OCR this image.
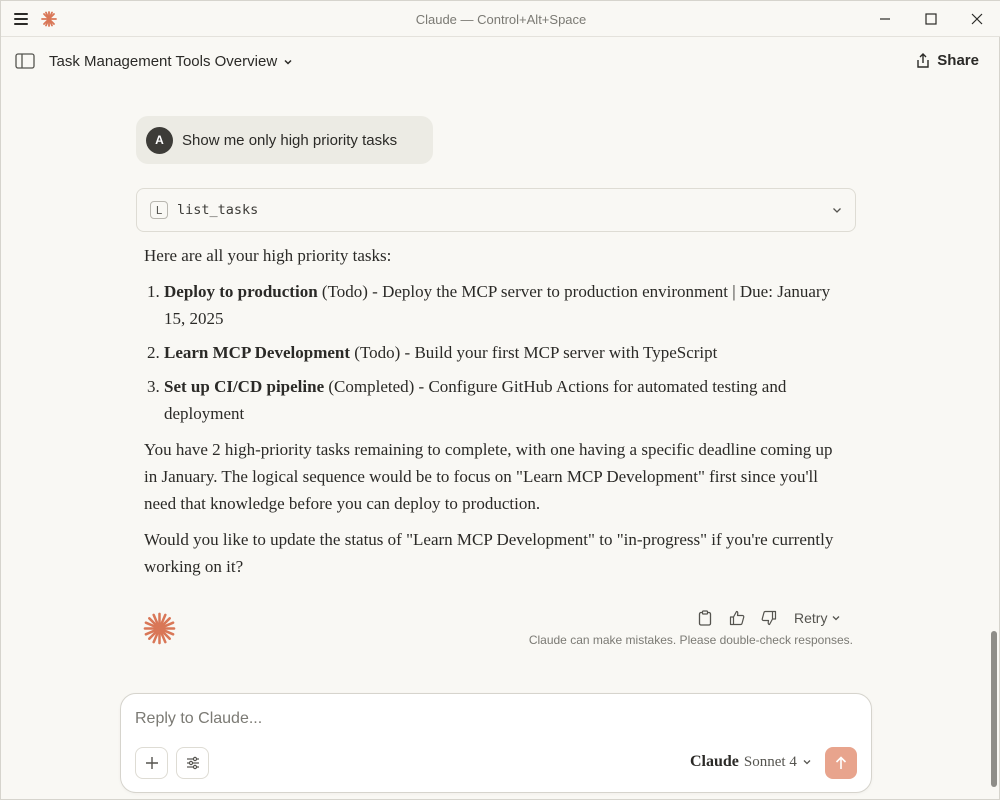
Claude — Control+Alt+Space
Task Management Tools Overview	Share
A	Show me only high priority tasks
L	list_tasks

Here are all your high priority tasks:

1. Deploy to production (Todo) - Deploy the MCP server to production environment | Due: January 15, 2025
2. Learn MCP Development (Todo) - Build your first MCP server with TypeScript
3. Set up CI/CD pipeline (Completed) - Configure GitHub Actions for automated testing and deployment

You have 2 high-priority tasks remaining to complete, with one having a specific deadline coming up in January. The logical sequence would be to focus on "Learn MCP Development" first since you'll need that knowledge before you can deploy to production.

Would you like to update the status of "Learn MCP Development" to "in-progress" if you're currently working on it?

Retry
Claude can make mistakes. Please double-check responses.
Reply to Claude...
Claude Sonnet 4
